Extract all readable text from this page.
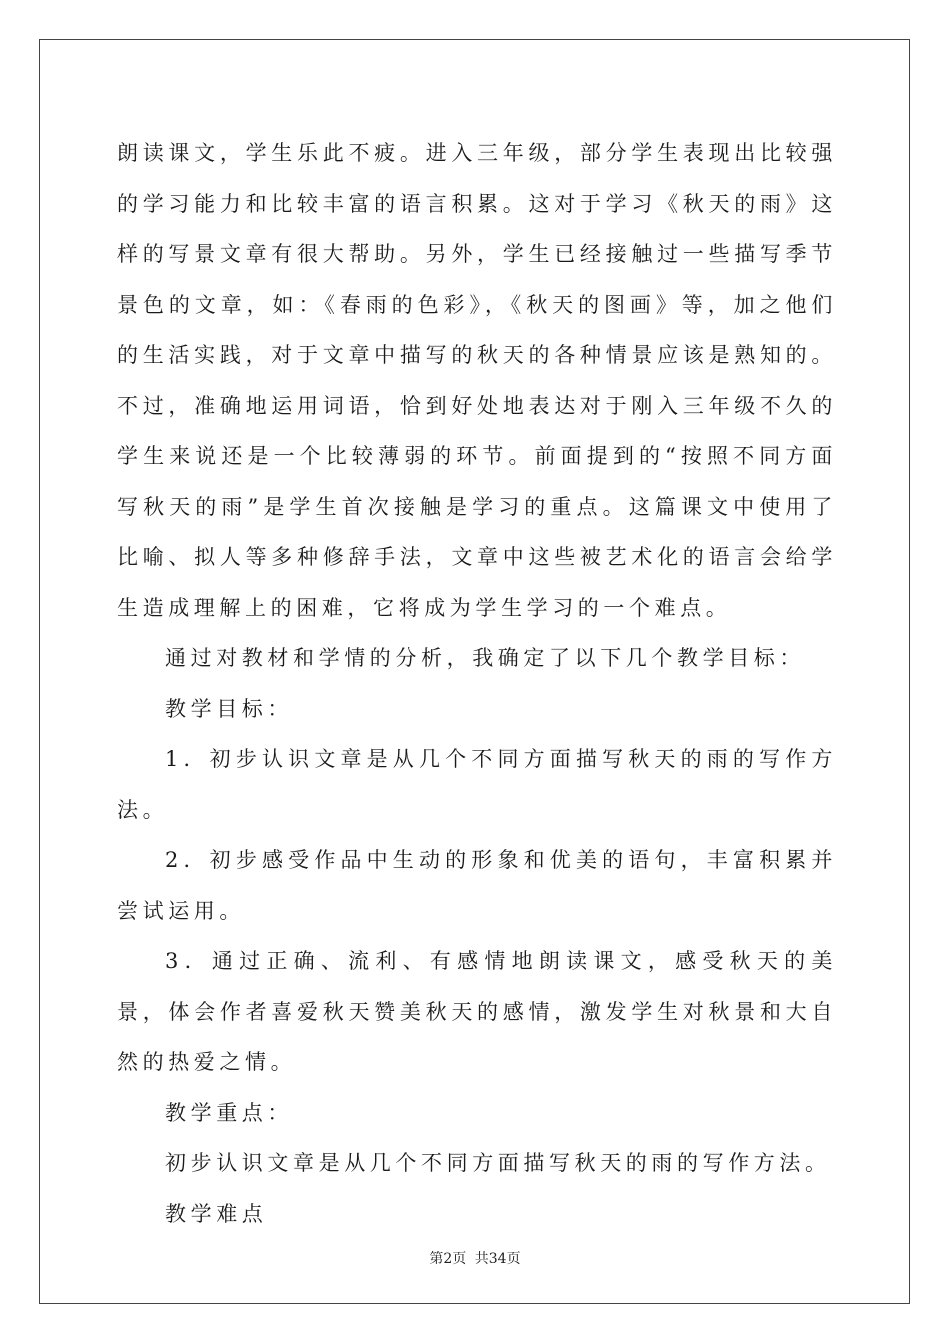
朗读课文，学生乐此不疲。进入三年级，部分学生表现出比较强的学习能力和比较丰富的语言积累。这对于学习《秋天的雨》这样的写景文章有很大帮助。另外，学生已经接触过一些描写季节景色的文章，如：《春雨的色彩》，《秋天的图画》等，加之他们的生活实践，对于文章中描写的秋天的各种情景应该是熟知的。不过，准确地运用词语，恰到好处地表达对于刚入三年级不久的学生来说还是一个比较薄弱的环节。前面提到的“按照不同方面写秋天的雨”是学生首次接触是学习的重点。这篇课文中使用了比喻、拟人等多种修辞手法，文章中这些被艺术化的语言会给学生造成理解上的困难，它将成为学生学习的一个难点。

通过对教材和学情的分析，我确定了以下几个教学目标：

教学目标：

1．初步认识文章是从几个不同方面描写秋天的雨的写作方法。

2．初步感受作品中生动的形象和优美的语句，丰富积累并尝试运用。

3．通过正确、流利、有感情地朗读课文，感受秋天的美景，体会作者喜爱秋天赞美秋天的感情，激发学生对秋景和大自然的热爱之情。

教学重点：

初步认识文章是从几个不同方面描写秋天的雨的写作方法。

教学难点

第2页 共34页
